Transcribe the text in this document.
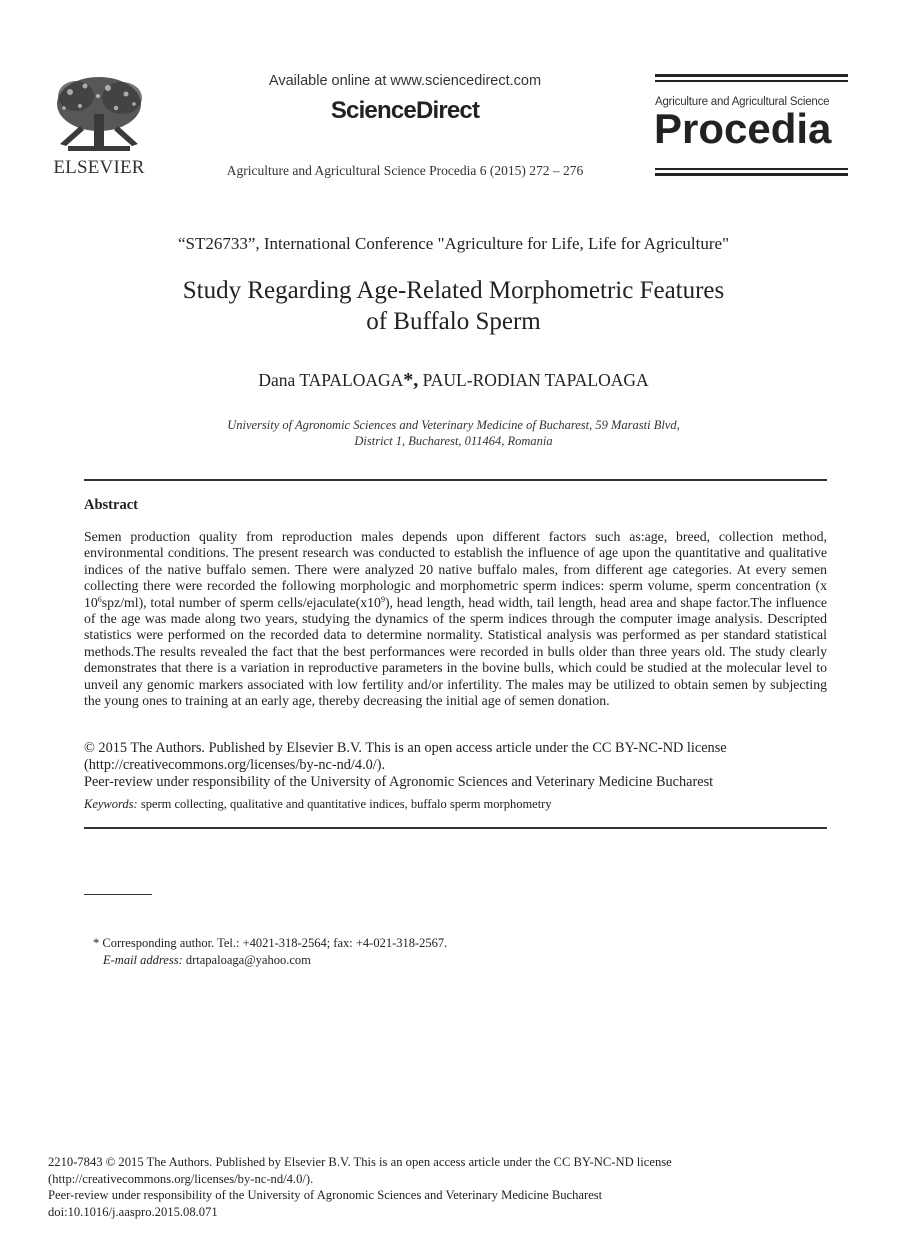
ELSEVIER
Available online at www.sciencedirect.com
ScienceDirect
Agriculture and Agricultural Science Procedia 6 (2015) 272 – 276
Agriculture and Agricultural Science
Procedia
“ST26733”, International Conference "Agriculture for Life, Life for Agriculture"
Study Regarding Age-Related Morphometric Features
of Buffalo Sperm
Dana TAPALOAGA*, PAUL-RODIAN TAPALOAGA
University of Agronomic Sciences and Veterinary Medicine of Bucharest, 59 Marasti Blvd,
District 1, Bucharest, 011464, Romania
Abstract
Semen production quality from reproduction males depends upon different factors such as:age, breed, collection method, environmental conditions. The present research was conducted to establish the influence of age upon the quantitative and qualitative indices of the native buffalo semen. There were analyzed 20 native buffalo males, from different age categories. At every semen collecting there were recorded the following morphologic and morphometric sperm indices: sperm volume, sperm concentration (x $10^6spz/ml$), total number of sperm cells/$ejaculate(x10^9)$, head length, head width, tail length, head area and shape factor.The influence of the age was made along two years, studying the dynamics of the sperm indices through the computer image analysis. Descripted statistics were performed on the recorded data to determine normality. Statistical analysis was performed as per standard statistical methods.The results revealed the fact that the best performances were recorded in bulls older than three years old. The study clearly demonstrates that there is a variation in reproductive parameters in the bovine bulls, which could be studied at the molecular level to unveil any genomic markers associated with low fertility and/or infertility. The males may be utilized to obtain semen by subjecting the young ones to training at an early age, thereby decreasing the initial age of semen donation.
© 2015 The Authors. Published by Elsevier B.V. This is an open access article under the CC BY-NC-ND license
(http://creativecommons.org/licenses/by-nc-nd/4.0/).
Peer-review under responsibility of the University of Agronomic Sciences and Veterinary Medicine Bucharest
Keywords: sperm collecting, qualitative and quantitative indices, buffalo sperm morphometry
* Corresponding author. Tel.: +4021-318-2564; fax: +4-021-318-2567.
E-mail address: drtapaloaga@yahoo.com
2210-7843 © 2015 The Authors. Published by Elsevier B.V. This is an open access article under the CC BY-NC-ND license
(http://creativecommons.org/licenses/by-nc-nd/4.0/).
Peer-review under responsibility of the University of Agronomic Sciences and Veterinary Medicine Bucharest
doi:10.1016/j.aaspro.2015.08.071
